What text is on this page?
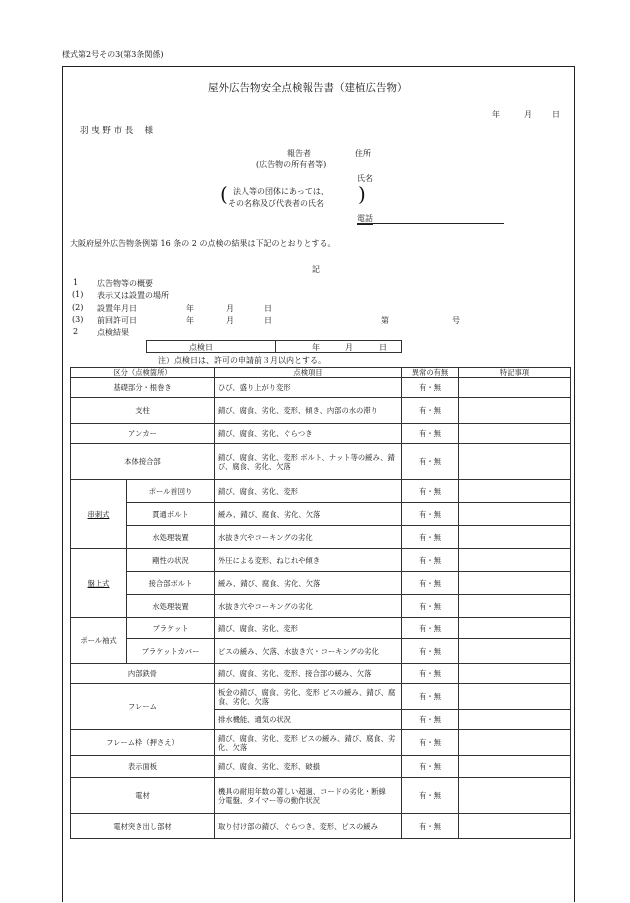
様式第2号その3(第3条関係)
屋外広告物安全点検報告書（建植広告物）
年	月	日
羽 曳 野 市 長　 様
報告者	住所
(広告物の所有者等)
氏名
( 法人等の団体にあっては、
その名称及び代表者の氏名 )
電話
大阪府屋外広告物条例第 16 条の 2 の点検の結果は下記のとおりとする。
記
1 広告物等の概要
(1) 表示又は設置の場所
(2) 設置年月日	年	月	日
(3) 前回許可日	年	月	日	第	号
2 点検結果
点検日	年	月	日
注）点検日は、許可の申請前３月以内とする。
区分（点検箇所）		点検項目	異常の有無	特記事項
基礎部分・根巻き		ひび、盛り上がり変形	有・無	
支柱		錆び、腐食、劣化、変形、傾き、内部の水の滞り	有・無	
アンカー		錆び、腐食、劣化、ぐらつき	有・無	
本体接合部		錆び、腐食、劣化、変形 ボルト、ナット等の緩み、錆び、腐食、劣化、欠落	有・無	
串刺式	ポール首回り	錆び、腐食、劣化、変形	有・無	
	貫通ボルト	緩み、錆び、腐食、劣化、欠落	有・無	
	水処理装置	水抜き穴やコーキングの劣化	有・無	
盤上式	剛性の状況	外圧による変形、ねじれや傾き	有・無	
	接合部ボルト	緩み、錆び、腐食、劣化、欠落	有・無	
	水処理装置	水抜き穴やコーキングの劣化	有・無	
ポール袖式	ブラケット	錆び、腐食、劣化、変形	有・無	
	ブラケットカバー	ビスの緩み、欠落、水抜き穴・コーキングの劣化	有・無	
内部鉄骨		錆び、腐食、劣化、変形、接合部の緩み、欠落	有・無	
フレーム		板金の錆び、腐食、劣化、変形 ビスの緩み、錆び、腐食、劣化、欠落	有・無	
		排水機能、通気の状況	有・無	
フレーム枠（押さえ）		錆び、腐食、劣化、変形 ビスの緩み、錆び、腐食、劣化、欠落	有・無	
表示面板		錆び、腐食、劣化、変形、破損	有・無	
電材		機具の耐用年数の著しい超過、コードの劣化・断線
分電盤、タイマー等の動作状況	有・無	
電材突き出し部材		取り付け部の錆び、ぐらつき、変形、ビスの緩み	有・無	
